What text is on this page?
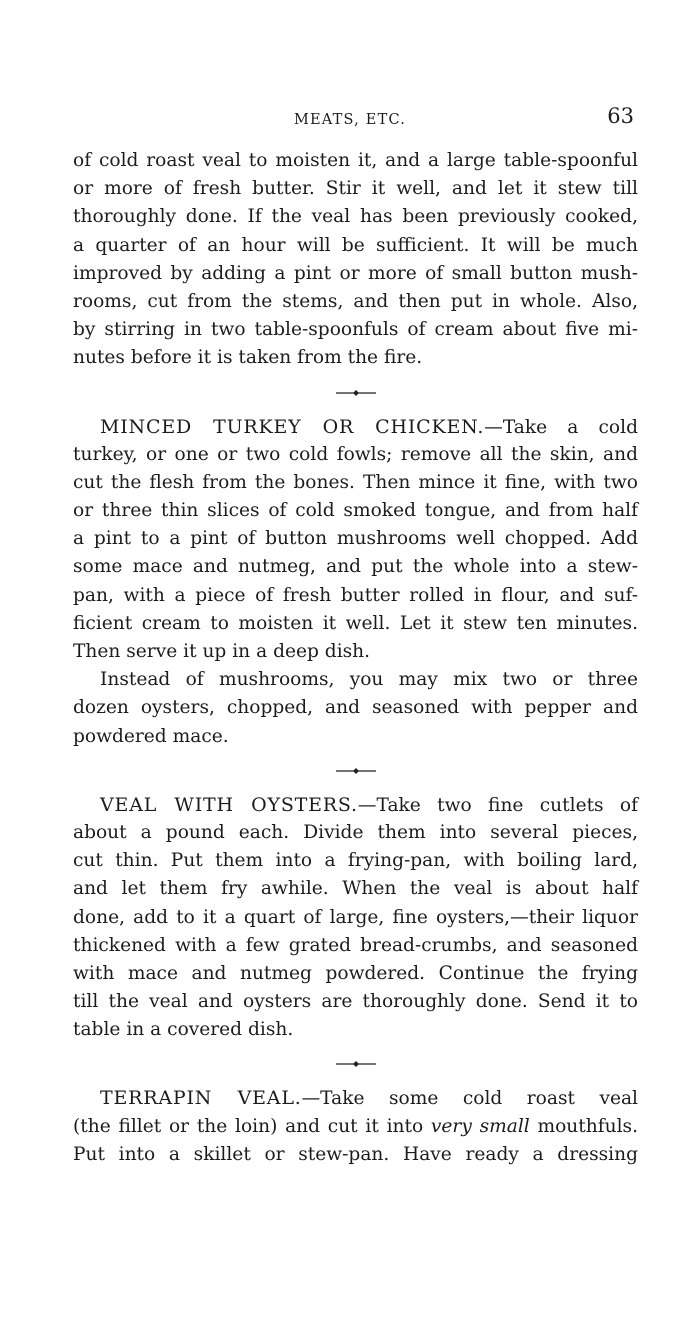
MEATS, ETC.	63
of cold roast veal to moisten it, and a large table-spoonful
or more of fresh butter. Stir it well, and let it stew till
thoroughly done. If the veal has been previously cooked,
a quarter of an hour will be sufficient. It will be much
improved by adding a pint or more of small button mush-
rooms, cut from the stems, and then put in whole. Also,
by stirring in two table-spoonfuls of cream about five mi-
nutes before it is taken from the fire.
MINCED TURKEY OR CHICKEN.—Take a cold
turkey, or one or two cold fowls; remove all the skin, and
cut the flesh from the bones. Then mince it fine, with two
or three thin slices of cold smoked tongue, and from half
a pint to a pint of button mushrooms well chopped. Add
some mace and nutmeg, and put the whole into a stew-
pan, with a piece of fresh butter rolled in flour, and suf-
ficient cream to moisten it well. Let it stew ten minutes.
Then serve it up in a deep dish.
Instead of mushrooms, you may mix two or three
dozen oysters, chopped, and seasoned with pepper and
powdered mace.
VEAL WITH OYSTERS.—Take two fine cutlets of
about a pound each. Divide them into several pieces,
cut thin. Put them into a frying-pan, with boiling lard,
and let them fry awhile. When the veal is about half
done, add to it a quart of large, fine oysters,—their liquor
thickened with a few grated bread-crumbs, and seasoned
with mace and nutmeg powdered. Continue the frying
till the veal and oysters are thoroughly done. Send it to
table in a covered dish.
TERRAPIN VEAL.—Take some cold roast veal
(the fillet or the loin) and cut it into very small mouthfuls.
Put into a skillet or stew-pan. Have ready a dressing
